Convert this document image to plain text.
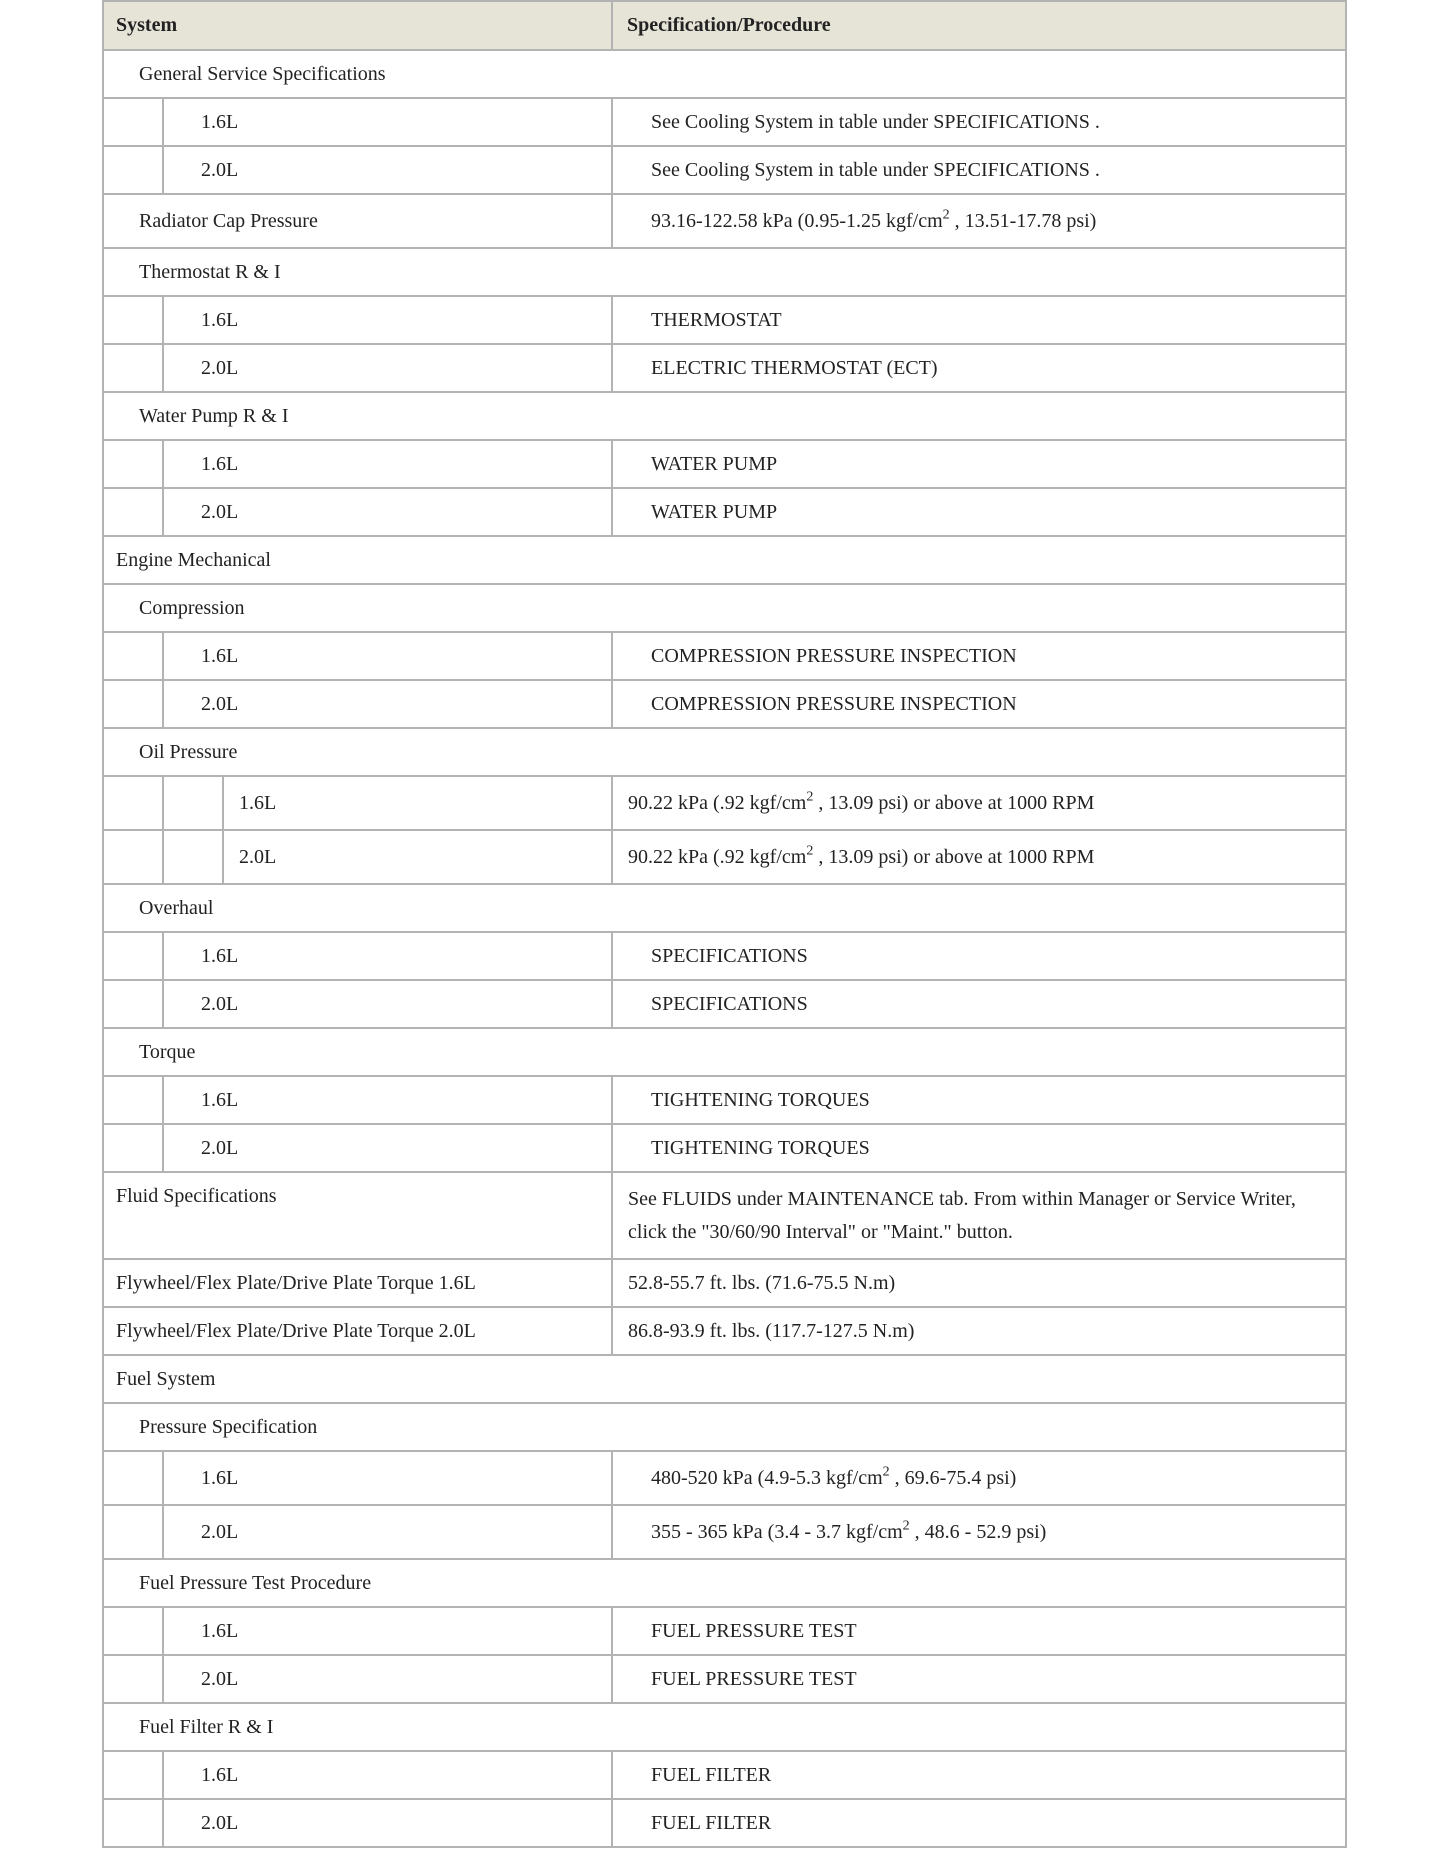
System			Specification/Procedure
General Service Specifications			
	1.6L		See Cooling System in table under SPECIFICATIONS .
	2.0L		See Cooling System in table under SPECIFICATIONS .
Radiator Cap Pressure			93.16-122.58 kPa (0.95-1.25 kgf/$cm^2$ , 13.51-17.78 psi)
Thermostat R & I			
	1.6L		THERMOSTAT
	2.0L		ELECTRIC THERMOSTAT (ECT)
Water Pump R & I			
	1.6L		WATER PUMP
	2.0L		WATER PUMP
Engine Mechanical			
Compression			
	1.6L		COMPRESSION PRESSURE INSPECTION
	2.0L		COMPRESSION PRESSURE INSPECTION
Oil Pressure			
		1.6L	90.22 kPa (.92 kgf/$cm^2$ , 13.09 psi) or above at 1000 RPM
		2.0L	90.22 kPa (.92 kgf/$cm^2$ , 13.09 psi) or above at 1000 RPM
Overhaul			
	1.6L		SPECIFICATIONS
	2.0L		SPECIFICATIONS
Torque			
	1.6L		TIGHTENING TORQUES
	2.0L		TIGHTENING TORQUES
Fluid Specifications			See FLUIDS under MAINTENANCE tab. From within Manager or Service Writer, click the "30/60/90 Interval" or "Maint." button.
Flywheel/Flex Plate/Drive Plate Torque 1.6L			52.8-55.7 ft. lbs. (71.6-75.5 N.m)
Flywheel/Flex Plate/Drive Plate Torque 2.0L			86.8-93.9 ft. lbs. (117.7-127.5 N.m)
Fuel System			
Pressure Specification			
	1.6L		480-520 kPa (4.9-5.3 kgf/$cm^2$ , 69.6-75.4 psi)
	2.0L		355 - 365 kPa (3.4 - 3.7 kgf/$cm^2$ , 48.6 - 52.9 psi)
Fuel Pressure Test Procedure			
	1.6L		FUEL PRESSURE TEST
	2.0L		FUEL PRESSURE TEST
Fuel Filter R & I			
	1.6L		FUEL FILTER
	2.0L		FUEL FILTER
